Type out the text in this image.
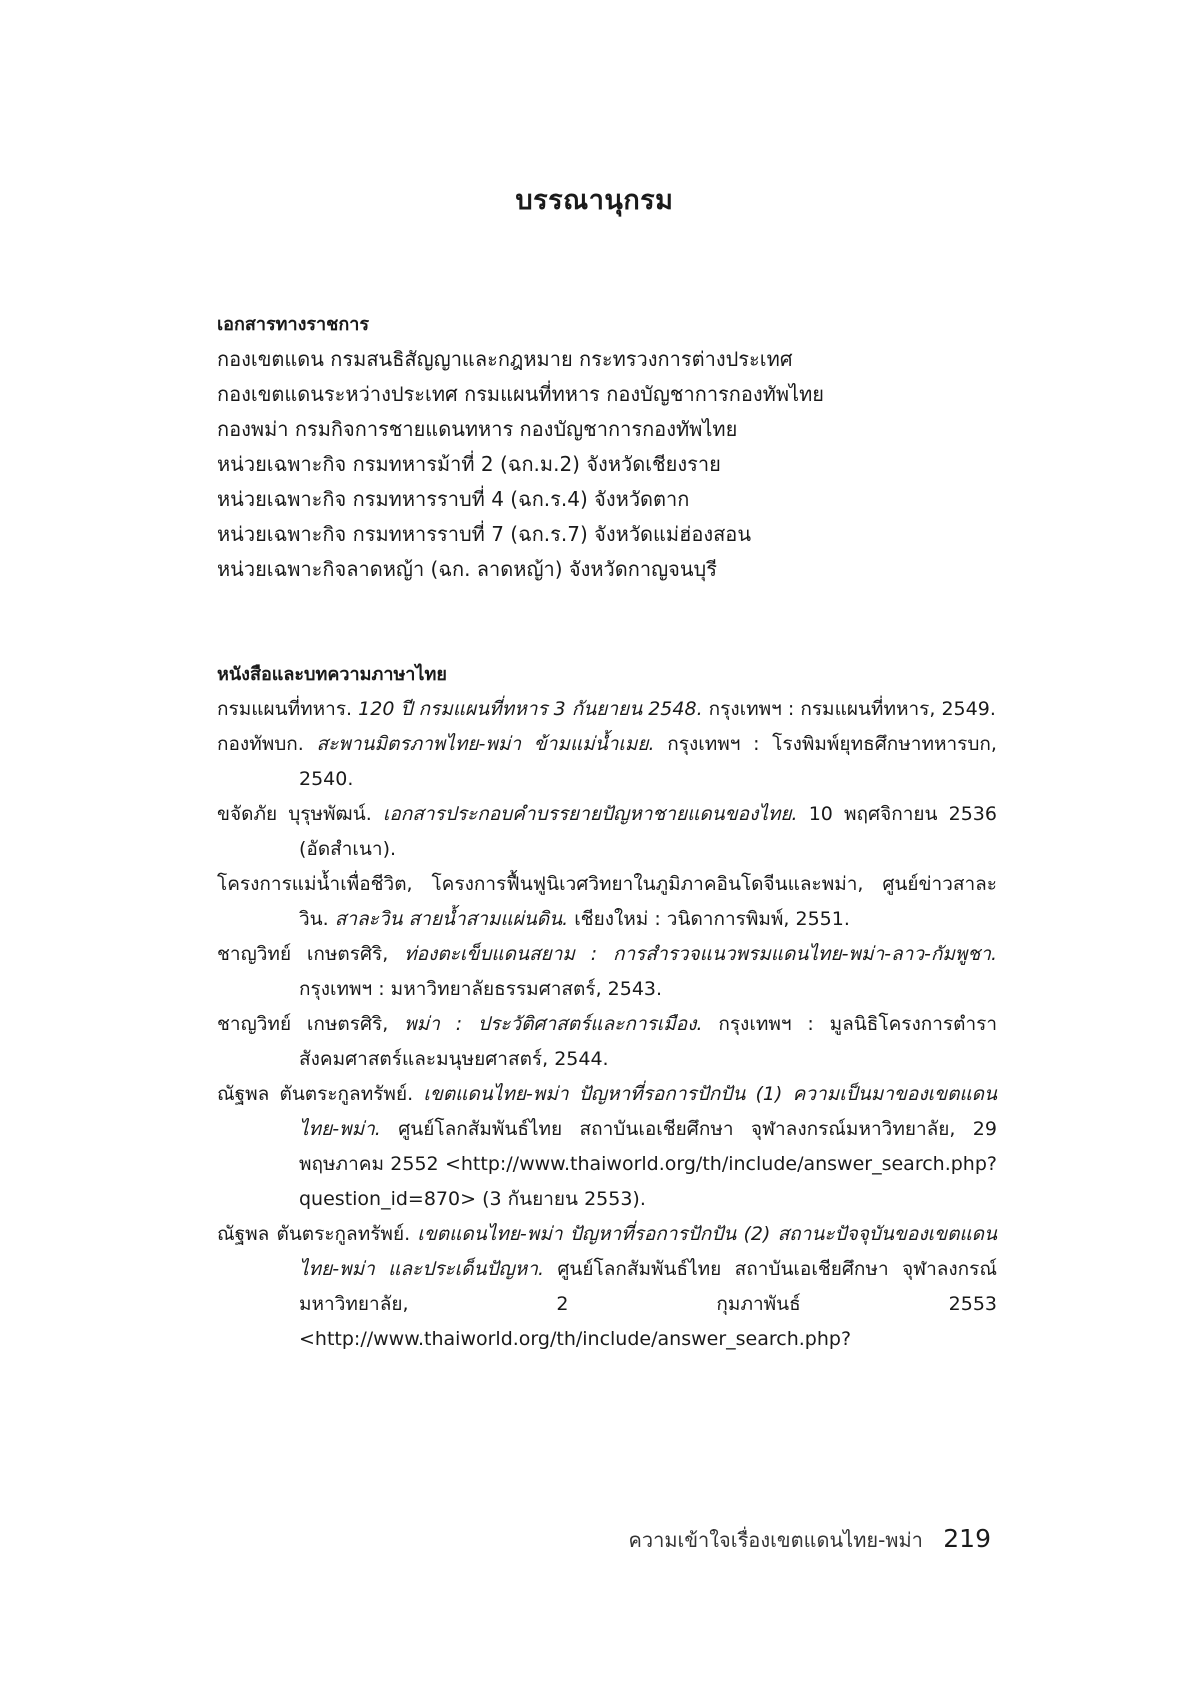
บรรณานุกรม
เอกสารทางราชการ
กองเขตแดน กรมสนธิสัญญาและกฎหมาย กระทรวงการต่างประเทศ
กองเขตแดนระหว่างประเทศ กรมแผนที่ทหาร กองบัญชาการกองทัพไทย
กองพม่า กรมกิจการชายแดนทหาร กองบัญชาการกองทัพไทย
หน่วยเฉพาะกิจ กรมทหารม้าที่ 2 (ฉก.ม.2) จังหวัดเชียงราย
หน่วยเฉพาะกิจ กรมทหารราบที่ 4 (ฉก.ร.4) จังหวัดตาก
หน่วยเฉพาะกิจ กรมทหารราบที่ 7 (ฉก.ร.7) จังหวัดแม่ฮ่องสอน
หน่วยเฉพาะกิจลาดหญ้า (ฉก. ลาดหญ้า) จังหวัดกาญจนบุรี
หนังสือและบทความภาษาไทย
กรมแผนที่ทหาร. 120 ปี กรมแผนที่ทหาร 3 กันยายน 2548. กรุงเทพฯ : กรมแผนที่ทหาร, 2549.
กองทัพบก. สะพานมิตรภาพไทย-พม่า ข้ามแม่น้ำเมย. กรุงเทพฯ : โรงพิมพ์ยุทธศึกษาทหารบก, 2540.
ขจัดภัย บุรุษพัฒน์. เอกสารประกอบคำบรรยายปัญหาชายแดนของไทย. 10 พฤศจิกายน 2536 (อัดสำเนา).
โครงการแม่น้ำเพื่อชีวิต, โครงการฟื้นฟูนิเวศวิทยาในภูมิภาคอินโดจีนและพม่า, ศูนย์ข่าวสาละวิน. สาละวิน สายน้ำสามแผ่นดิน. เชียงใหม่ : วนิดาการพิมพ์, 2551.
ชาญวิทย์ เกษตรศิริ, ท่องตะเข็บแดนสยาม : การสำรวจแนวพรมแดนไทย-พม่า-ลาว-กัมพูชา. กรุงเทพฯ : มหาวิทยาลัยธรรมศาสตร์, 2543.
ชาญวิทย์ เกษตรศิริ, พม่า : ประวัติศาสตร์และการเมือง. กรุงเทพฯ : มูลนิธิโครงการตำราสังคมศาสตร์และมนุษยศาสตร์, 2544.
ณัฐพล ตันตระกูลทรัพย์. เขตแดนไทย-พม่า ปัญหาที่รอการปักปัน (1) ความเป็นมาของเขตแดนไทย-พม่า. ศูนย์โลกสัมพันธ์ไทย สถาบันเอเชียศึกษา จุฬาลงกรณ์มหาวิทยาลัย, 29 พฤษภาคม 2552 <http://www.thaiworld.org/th/include/answer_search.php?question_id=870> (3 กันยายน 2553).
ณัฐพล ตันตระกูลทรัพย์. เขตแดนไทย-พม่า ปัญหาที่รอการปักปัน (2) สถานะปัจจุบันของเขตแดนไทย-พม่า และประเด็นปัญหา. ศูนย์โลกสัมพันธ์ไทย สถาบันเอเชียศึกษา จุฬาลงกรณ์มหาวิทยาลัย, 2 กุมภาพันธ์ 2553 <http://www.thaiworld.org/th/include/answer_search.php?
ความเข้าใจเรื่องเขตแดนไทย-พม่า 219
